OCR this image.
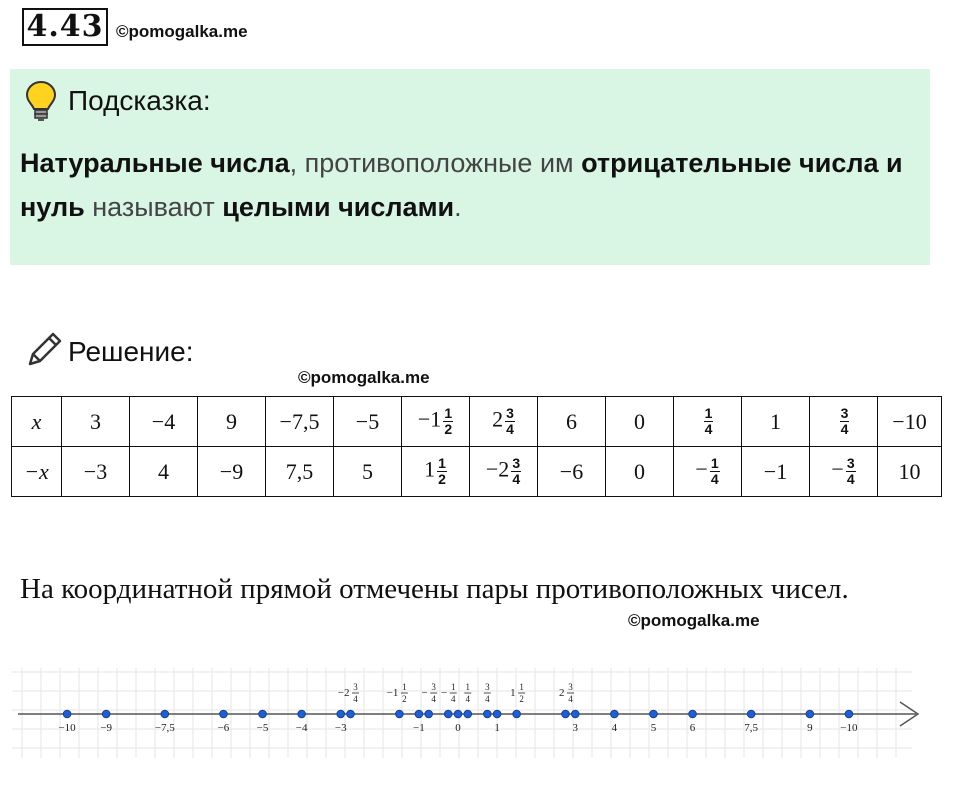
4.43 ©pomogalka.me
Подсказка:
Натуральные числа, противоположные им отрицательные числа и нуль называют целыми числами.
Решение:
©pomogalka.me
x	3	−4	9	−7,5	−5	$-1 \frac{1}{2}$	$2 \frac{3}{4}$	6	0	$\frac{1}{4}$	1	$\frac{3}{4}$	−10
−x	−3	4	−9	7,5	5	$1 \frac{1}{2}$	$-2 \frac{3}{4}$	−6	0	− $\frac{1}{4}$	−1	− $\frac{3}{4}$	10
На координатной прямой отмечены пары противоположных чисел.
©pomogalka.me
−10 −9	−7,5	−6 −5 −4 −3	−1	0	1	3	4	5	6	7,5	9	−10
−2 3
4	−1 1
2 − 3
4 − 1
4
1
4
3
4 1 1
2	2 3
4
